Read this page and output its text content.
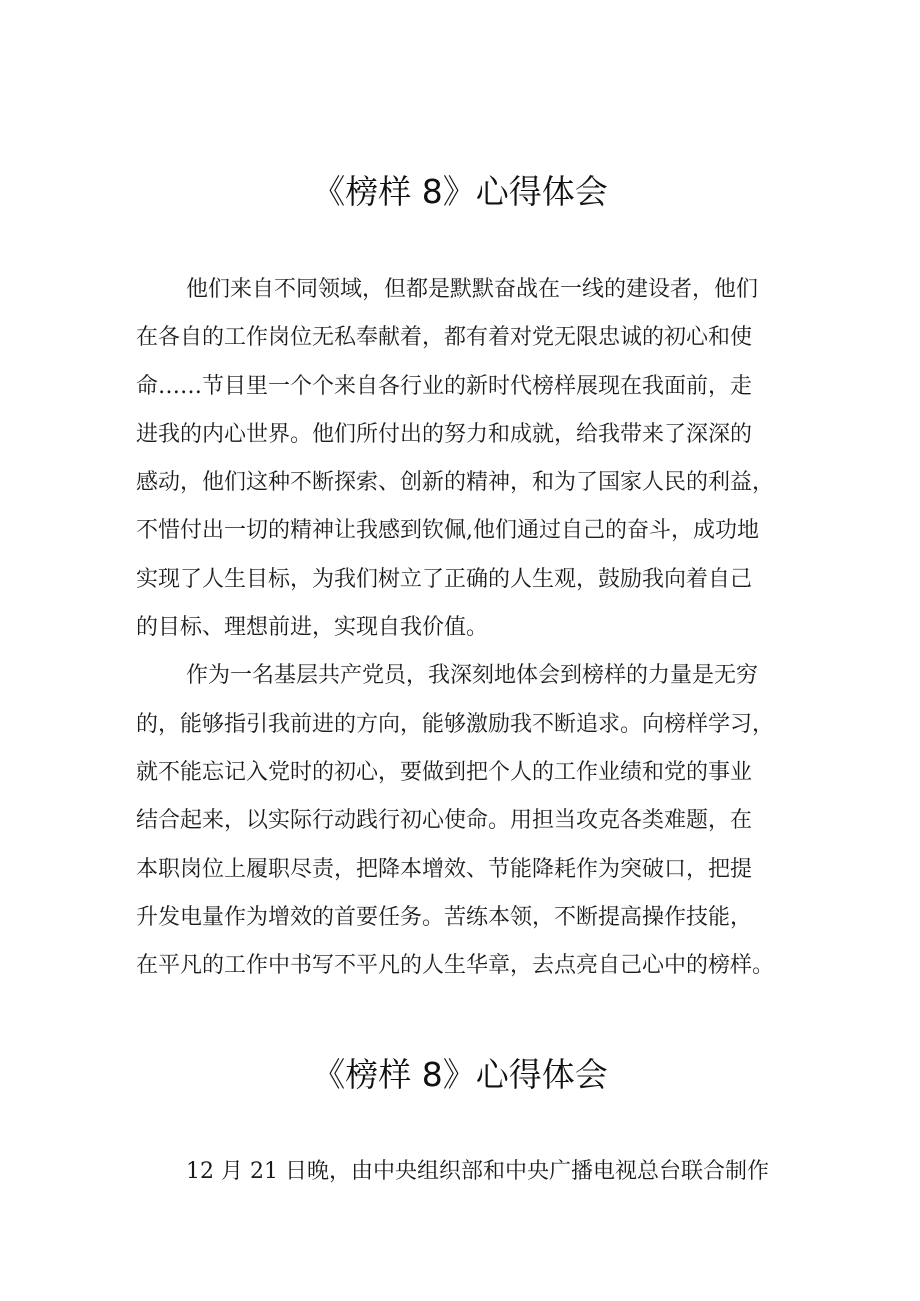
《榜样 8》心得体会
他们来自不同领域，但都是默默奋战在一线的建设者，他们
在各自的工作岗位无私奉献着，都有着对党无限忠诚的初心和使
命……节目里一个个来自各行业的新时代榜样展现在我面前，走
进我的内心世界。他们所付出的努力和成就，给我带来了深深的
感动，他们这种不断探索、创新的精神，和为了国家人民的利益，
不惜付出一切的精神让我感到钦佩,他们通过自己的奋斗，成功地
实现了人生目标，为我们树立了正确的人生观，鼓励我向着自己
的目标、理想前进，实现自我价值。
作为一名基层共产党员，我深刻地体会到榜样的力量是无穷
的，能够指引我前进的方向，能够激励我不断追求。向榜样学习，
就不能忘记入党时的初心，要做到把个人的工作业绩和党的事业
结合起来，以实际行动践行初心使命。用担当攻克各类难题，在
本职岗位上履职尽责，把降本增效、节能降耗作为突破口，把提
升发电量作为增效的首要任务。苦练本领，不断提高操作技能，
在平凡的工作中书写不平凡的人生华章，去点亮自己心中的榜样。
《榜样 8》心得体会
12 月 21 日晚，由中央组织部和中央广播电视总台联合制作
